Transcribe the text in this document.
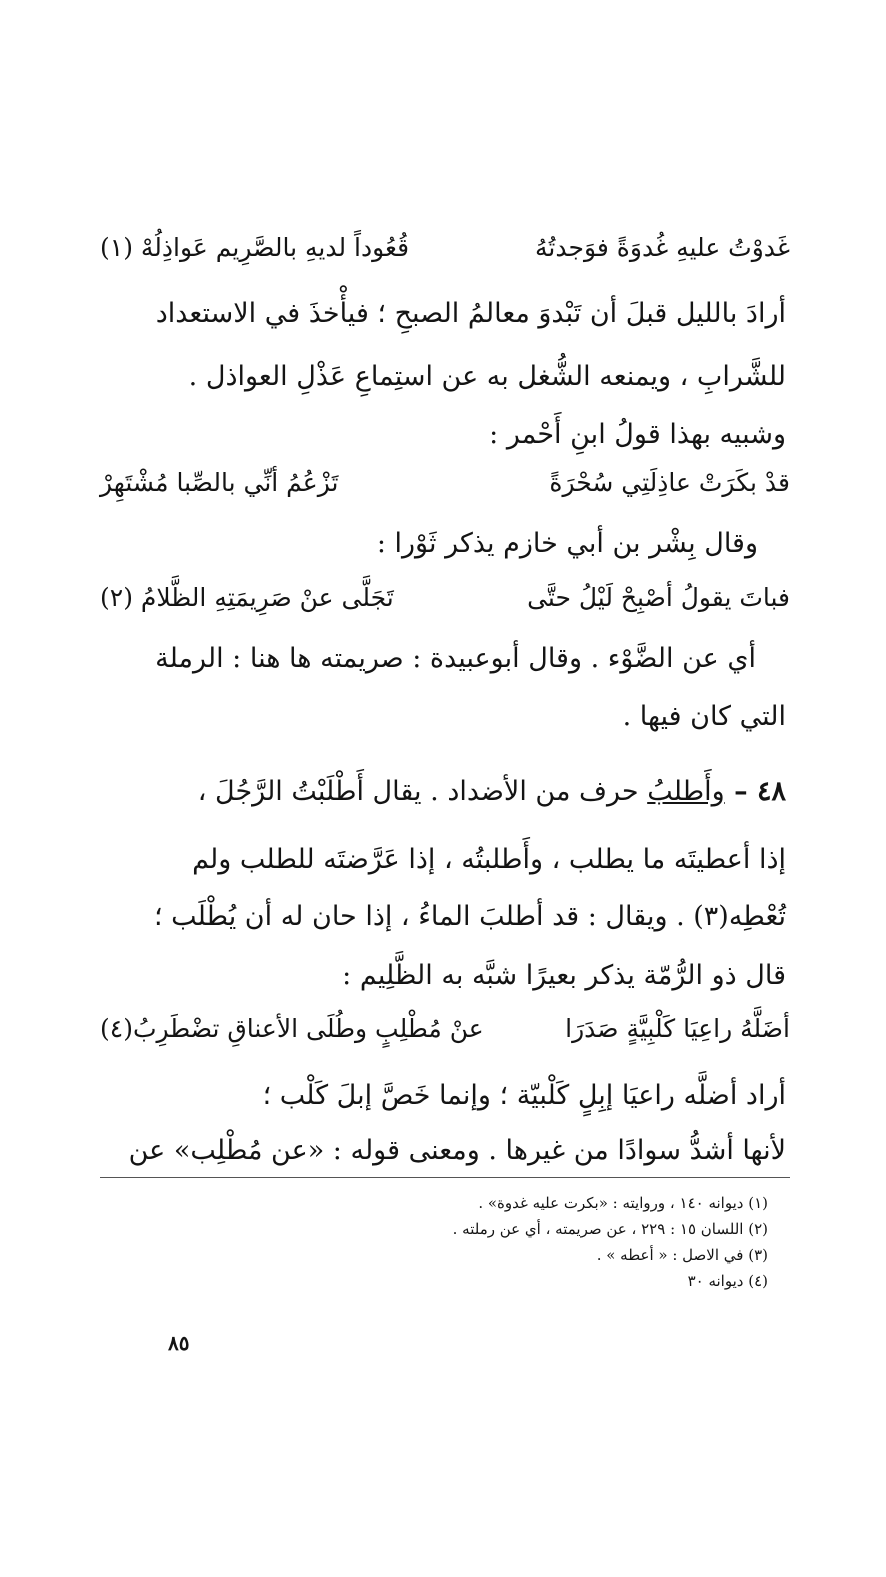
غَدوْتُ عليهِ غُدوَةً فوَجدتُهُ
قُعُوداً لديهِ بالصَّرِيم عَواذِلُهْ (١)
أرادَ بالليل قبلَ أن تَبْدوَ معالمُ الصبحِ ؛ فيأْخذَ في الاستعداد
للشَّرابِ ، ويمنعه الشُّغل به عن استِماعِ عَذْلِ العواذل .
وشبيه بهذا قولُ ابنِ أَحْمر :
قدْ بكَرَتْ عاذِلَتِي سُحْرَةً
تَزْعُمُ أنِّي بالصِّبا مُشْتَهِرْ
وقال بِشْر بن أبي خازم يذكر ثَوْرا :
فباتَ يقولُ أصْبِحْ لَيْلُ حتَّى
تَجَلَّى عنْ صَرِيمَتِهِ الظَّلامُ (٢)
أي عن الضَّوْء . وقال أبوعبيدة : صريمته ها هنا : الرملة
التي كان فيها .
٤٨ – وأَطلبُ حرف من الأضداد . يقال أَطْلَبْتُ الرَّجُلَ ،
إذا أعطيتَه ما يطلب ، وأَطلبتُه ، إذا عَرَّضتَه للطلب ولم
تُعْطِه(٣) . ويقال : قد أطلبَ الماءُ ، إذا حان له أن يُطْلَب ؛
قال ذو الرُّمّة يذكر بعيرًا شبَّه به الظَّلِيم :
أضَلَّهُ راعِيَا كَلْبِيَّةٍ صَدَرَا
عنْ مُطْلِبٍ وطُلَى الأعناقِ تضْطَرِبُ(٤)
أراد أضلَّه راعيَا إبِلٍ كَلْبيّة ؛ وإنما خَصَّ إبلَ كَلْب ؛
لأنها أشدُّ سوادًا من غيرها . ومعنى قوله : «عن مُطْلِب» عن
(١) ديوانه ١٤٠ ، وروايته : «بكرت عليه غدوة» .
(٢) اللسان ١٥ : ٢٢٩ ، عن صريمته ، أي عن رملته .
(٣) في الاصل : « أعطه » .
(٤) ديوانه ٣٠
٨٥
